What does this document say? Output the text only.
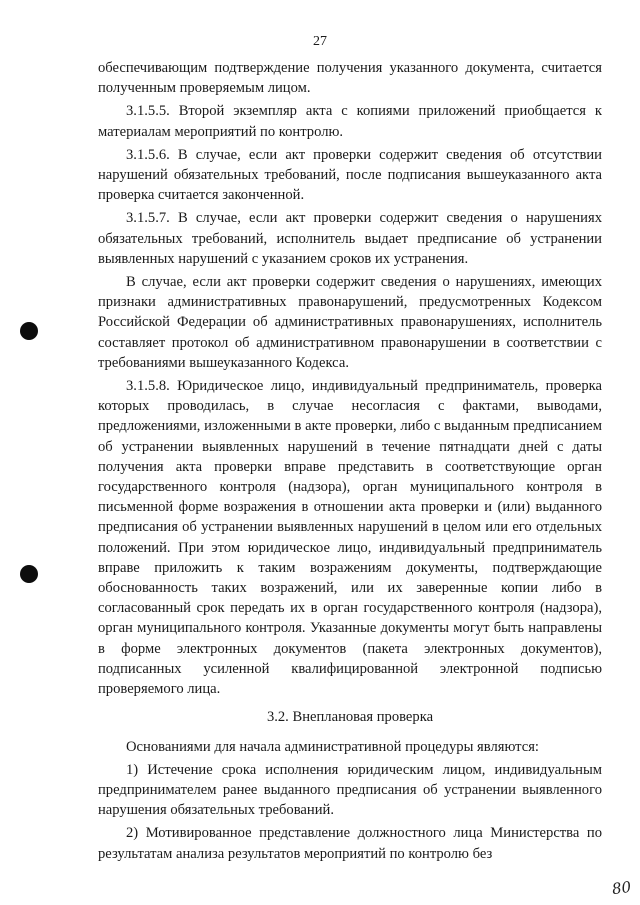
27

обеспечивающим подтверждение получения указанного документа, считается полученным проверяемым лицом.

3.1.5.5. Второй экземпляр акта с копиями приложений приобщается к материалам мероприятий по контролю.

3.1.5.6. В случае, если акт проверки содержит сведения об отсутствии нарушений обязательных требований, после подписания вышеуказанного акта проверка считается законченной.

3.1.5.7. В случае, если акт проверки содержит сведения о нарушениях обязательных требований, исполнитель выдает предписание об устранении выявленных нарушений с указанием сроков их устранения.

В случае, если акт проверки содержит сведения о нарушениях, имеющих признаки административных правонарушений, предусмотренных Кодексом Российской Федерации об административных правонарушениях, исполнитель составляет протокол об административном правонарушении в соответствии с требованиями вышеуказанного Кодекса.

3.1.5.8. Юридическое лицо, индивидуальный предприниматель, проверка которых проводилась, в случае несогласия с фактами, выводами, предложениями, изложенными в акте проверки, либо с выданным предписанием об устранении выявленных нарушений в течение пятнадцати дней с даты получения акта проверки вправе представить в соответствующие орган государственного контроля (надзора), орган муниципального контроля в письменной форме возражения в отношении акта проверки и (или) выданного предписания об устранении выявленных нарушений в целом или его отдельных положений. При этом юридическое лицо, индивидуальный предприниматель вправе приложить к таким возражениям документы, подтверждающие обоснованность таких возражений, или их заверенные копии либо в согласованный срок передать их в орган государственного контроля (надзора), орган муниципального контроля. Указанные документы могут быть направлены в форме электронных документов (пакета электронных документов), подписанных усиленной квалифицированной электронной подписью проверяемого лица.

3.2. Внеплановая проверка

Основаниями для начала административной процедуры являются:

1) Истечение срока исполнения юридическим лицом, индивидуальным предпринимателем ранее выданного предписания об устранении выявленного нарушения обязательных требований.

2) Мотивированное представление должностного лица Министерства по результатам анализа результатов мероприятий по контролю без

80
